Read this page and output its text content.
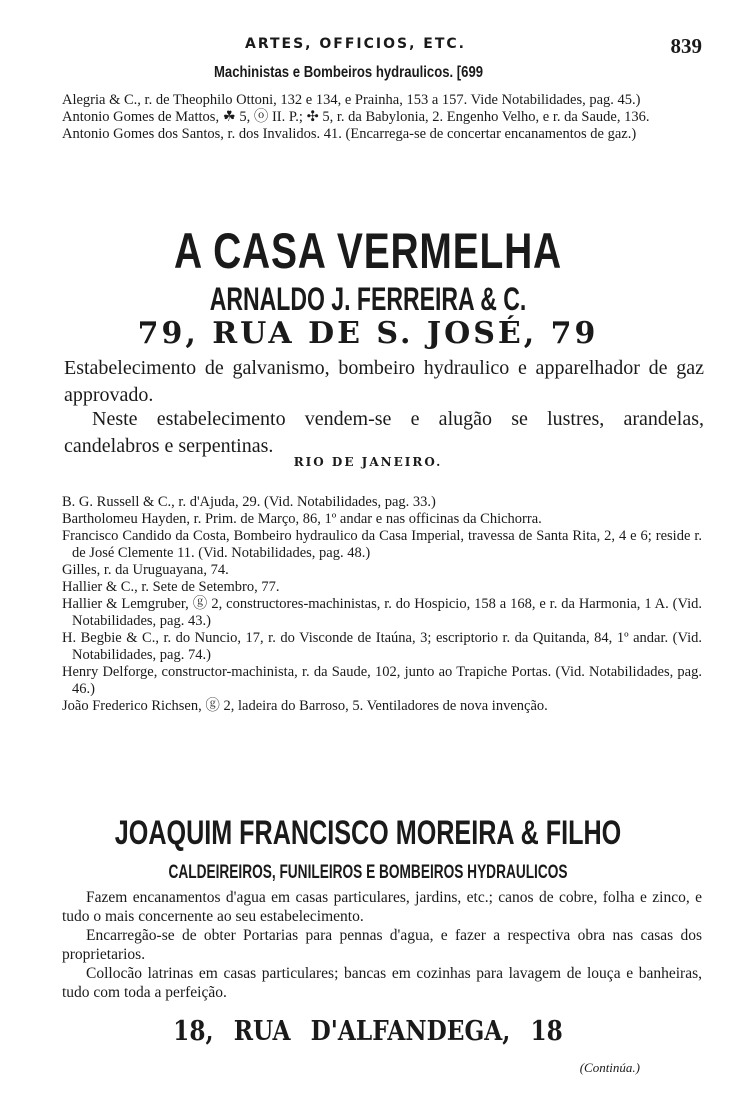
ARTES, OFFICIOS, ETC.	839
Machinistas e Bombeiros hydraulicos. [699

Alegria & C., r. de Theophilo Ottoni, 132 e 134, e Prainha, 153 a 157. Vide Notabilidades, pag. 45.)

Antonio Gomes de Mattos, ☘ 5, ⓞ II. P.; ✣ 5, r. da Babylonia, 2. Engenho Velho, e r. da Saude, 136.

Antonio Gomes dos Santos, r. dos Invalidos. 41. (Encarrega-se de concertar encanamentos de gaz.)

A CASA VERMELHA
ARNALDO J. FERREIRA & C.
79, RUA DE S. JOSÉ, 79
Estabelecimento de galvanismo, bombeiro hydraulico e apparelhador de gaz approvado.
Neste estabelecimento vendem-se e alugão se lustres, arandelas, candelabros e serpentinas.
RIO DE JANEIRO.

B. G. Russell & C., r. d'Ajuda, 29. (Vid. Notabilidades, pag. 33.)

Bartholomeu Hayden, r. Prim. de Março, 86, 1º andar e nas officinas da Chichorra.

Francisco Candido da Costa, Bombeiro hydraulico da Casa Imperial, travessa de Santa Rita, 2, 4 e 6; reside r. de José Clemente 11. (Vid. Notabilidades, pag. 48.)

Gilles, r. da Uruguayana, 74.

Hallier & C., r. Sete de Setembro, 77.

Hallier & Lemgruber, ⓖ 2, constructores-machinistas, r. do Hospicio, 158 a 168, e r. da Harmonia, 1 A. (Vid. Notabilidades, pag. 43.)

H. Begbie & C., r. do Nuncio, 17, r. do Visconde de Itaúna, 3; escriptorio r. da Quitanda, 84, 1º andar. (Vid. Notabilidades, pag. 74.)

Henry Delforge, constructor-machinista, r. da Saude, 102, junto ao Trapiche Portas. (Vid. Notabilidades, pag. 46.)

João Frederico Richsen, ⓖ 2, ladeira do Barroso, 5. Ventiladores de nova invenção.

JOAQUIM FRANCISCO MOREIRA & FILHO
CALDEIREIROS, FUNILEIROS E BOMBEIROS HYDRAULICOS

Fazem encanamentos d'agua em casas particulares, jardins, etc.; canos de cobre, folha e zinco, e tudo o mais concernente ao seu estabelecimento.

Encarregão-se de obter Portarias para pennas d'agua, e fazer a respectiva obra nas casas dos proprietarios.

Collocão latrinas em casas particulares; bancas em cozinhas para lavagem de louça e banheiras, tudo com toda a perfeição.

18, RUA D'ALFANDEGA, 18
(Continúa.)
